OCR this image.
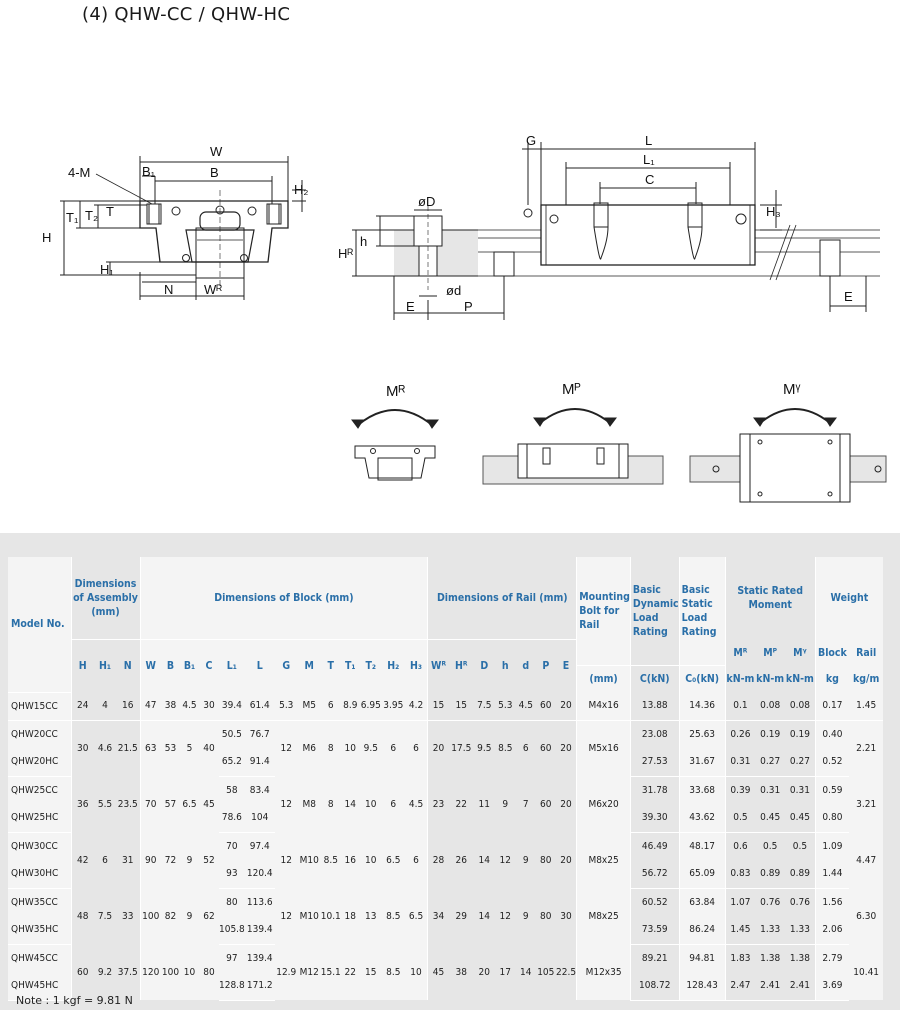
(4) QHW-CC / QHW-HC
W
B
B₁
4-M
T
T₁ T₂
H
H₁
H₂
N Wᴿ
G	L
L₁
C
H₃
øD
h
Hᴿ
ød
E	P
E
Mᴿ	Mᴾ	Mᵞ
Model No.	Dimensions of Assembly (mm)			Dimensions of Block (mm)													Dimensions of Rail (mm)							Mounting Bolt for Rail	Basic Dynamic Load Rating	Basic Static Load Rating	Static Rated Moment			Weight	
	H	H₁	N	W	B	B₁	C	L₁	L	G	M	T	T₁	T₂	H₂	H₃	Wᴿ	Hᴿ	D	h	d	P	E				Mᴿ	Mᴾ	Mᵞ	Block	Rail
																								(mm)	C(kN)	C₀(kN)	kN-m	kN-m	kN-m	kg	kg/m
QHW15CC	24	4	16	47	38	4.5	30	39.4	61.4	5.3	M5	6	8.9	6.95	3.95	4.2	15	15	7.5	5.3	4.5	60	20	M4x16	13.88	14.36	0.1	0.08	0.08	0.17	1.45
QHW20CC	30	4.6	21.5	63	53	5	40	50.5	76.7	12	M6	8	10	9.5	6	6	20	17.5	9.5	8.5	6	60	20	M5x16	23.08	25.63	0.26	0.19	0.19	0.40	2.21
QHW20HC								65.2	91.4																27.53	31.67	0.31	0.27	0.27	0.52	
QHW25CC	36	5.5	23.5	70	57	6.5	45	58	83.4	12	M8	8	14	10	6	4.5	23	22	11	9	7	60	20	M6x20	31.78	33.68	0.39	0.31	0.31	0.59	3.21
QHW25HC								78.6	104																39.30	43.62	0.5	0.45	0.45	0.80	
QHW30CC	42	6	31	90	72	9	52	70	97.4	12	M10	8.5	16	10	6.5	6	28	26	14	12	9	80	20	M8x25	46.49	48.17	0.6	0.5	0.5	1.09	4.47
QHW30HC								93	120.4																56.72	65.09	0.83	0.89	0.89	1.44	
QHW35CC	48	7.5	33	100	82	9	62	80	113.6	12	M10	10.1	18	13	8.5	6.5	34	29	14	12	9	80	30	M8x25	60.52	63.84	1.07	0.76	0.76	1.56	6.30
QHW35HC								105.8	139.4																73.59	86.24	1.45	1.33	1.33	2.06	
QHW45CC	60	9.2	37.5	120	100	10	80	97	139.4	12.9	M12	15.1	22	15	8.5	10	45	38	20	17	14	105	22.5	M12x35	89.21	94.81	1.83	1.38	1.38	2.79	10.41
QHW45HC								128.8	171.2																108.72	128.43	2.47	2.41	2.41	3.69	
Note : 1 kgf = 9.81 N
